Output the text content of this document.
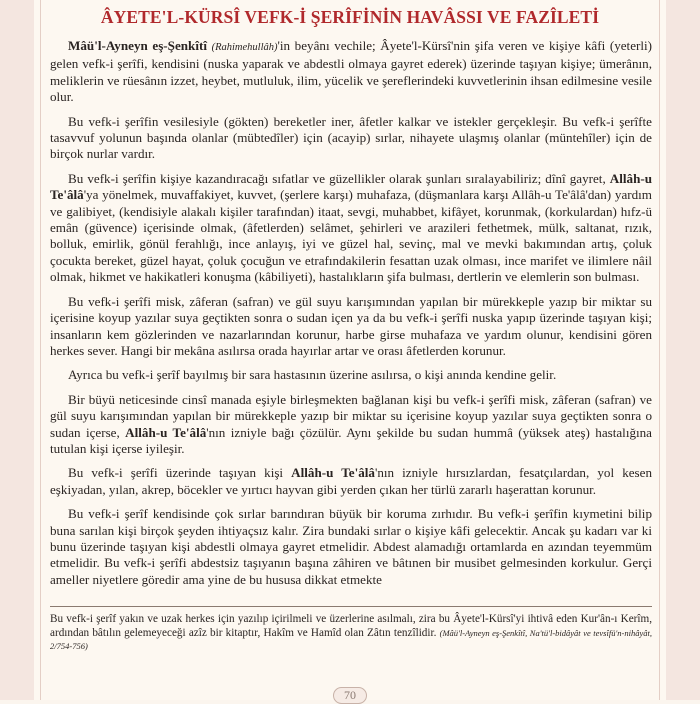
ÂYETE'L-KÜRSÎ VEFK-İ ŞERÎFİNİN HAVÂSSI VE FAZÎLETİ

Mâü'l-Ayneyn eş-Şenkîtî (Rahimehullâh)'in beyânı vechile; Âyete'l-Kürsî'nin şifa veren ve kişiye kâfi (yeterli) gelen vefk-i şerîfi, kendisini (nuska yaparak ve abdestli olmaya gayret ederek) üzerinde taşıyan kişiye; ümerânın, meliklerin ve rüesânın izzet, heybet, mutluluk, ilim, yücelik ve şereflerindeki kuvvetlerinin ihsan edilmesine vesile olur.

Bu vefk-i şerîfin vesilesiyle (gökten) bereketler iner, âfetler kalkar ve istekler gerçekleşir. Bu vefk-i şerîfte tasavvuf yolunun başında olanlar (mübtedîler) için (acayip) sırlar, nihayete ulaşmış olanlar (müntehîler) için de birçok nurlar vardır.

Bu vefk-i şerîfin kişiye kazandıracağı sıfatlar ve güzellikler olarak şunları sıralayabiliriz; dînî gayret, Allâh-u Te'âlâ'ya yönelmek, muvaffakiyet, kuvvet, (şerlere karşı) muhafaza, (düşmanlara karşı Allâh-u Te'âlâ'dan) yardım ve galibiyet, (kendisiyle alakalı kişiler tarafından) itaat, sevgi, muhabbet, kifâyet, korunmak, (korkulardan) hıfz-ü emân (güvence) içerisinde olmak, (âfetlerden) selâmet, şehirleri ve arazileri fethetmek, mülk, saltanat, rızık, bolluk, emirlik, gönül ferahlığı, ince anlayış, iyi ve güzel hal, sevinç, mal ve mevki bakımından artış, çoluk çocukta bereket, güzel hayat, çoluk çocuğun ve etrafındakilerin fesattan uzak olması, ince marifet ve ilimlere nâil olmak, hikmet ve hakikatleri konuşma (kâbiliyeti), hastalıkların şifa bulması, dertlerin ve elemlerin son bulması.

Bu vefk-i şerîfi misk, zâferan (safran) ve gül suyu karışımından yapılan bir mürekkeple yazıp bir miktar su içerisine koyup yazılar suya geçtikten sonra o sudan içen ya da bu vefk-i şerîfi nuska yapıp üzerinde taşıyan kişi; insanların kem gözlerinden ve nazarlarından korunur, harbe girse muhafaza ve yardım olunur, kendisini gören herkes sever. Hangi bir mekâna asılırsa orada hayırlar artar ve orası âfetlerden korunur.

Ayrıca bu vefk-i şerîf bayılmış bir sara hastasının üzerine asılırsa, o kişi anında kendine gelir.

Bir büyü neticesinde cinsî manada eşiyle birleşmekten bağlanan kişi bu vefk-i şerîfi misk, zâferan (safran) ve gül suyu karışımından yapılan bir mürekkeple yazıp bir miktar su içerisine koyup yazılar suya geçtikten sonra o sudan içerse, Allâh-u Te'âlâ'nın izniyle bağı çözülür. Aynı şekilde bu sudan hummâ (yüksek ateş) hastalığına tutulan kişi içerse iyileşir.

Bu vefk-i şerîfi üzerinde taşıyan kişi Allâh-u Te'âlâ'nın izniyle hırsızlardan, fesatçılardan, yol kesen eşkiyadan, yılan, akrep, böcekler ve yırtıcı hayvan gibi yerden çıkan her türlü zararlı haşerattan korunur.

Bu vefk-i şerîf kendisinde çok sırlar barındıran büyük bir koruma zırhıdır. Bu vefk-i şerîfin kıymetini bilip buna sarılan kişi birçok şeyden ihtiyaçsız kalır. Zira bundaki sırlar o kişiye kâfi gelecektir. Ancak şu kadarı var ki bunu üzerinde taşıyan kişi abdestli olmaya gayret etmelidir. Abdest alamadığı ortamlarda en azından teyemmüm etmelidir. Bu vefk-i şerîfi abdestsiz taşıyanın başına zâhiren ve bâtınen bir musibet gelmesinden korkulur. Gerçi ameller niyetlere göredir ama yine de bu hususa dikkat etmekte

Bu vefk-i şerîf yakın ve uzak herkes için yazılıp içirilmeli ve üzerlerine asılmalı, zira bu Âyete'l-Kürsî'yi ihtivâ eden Kur'ân-ı Kerîm, ardından bâtılın gelemeyeceği azîz bir kitaptır, Hakîm ve Hamîd olan Zâtın tenzîlidir. (Mâü'l-Ayneyn eş-Şenkîtî, Na'tü'l-bidâyât ve tevsîfü'n-nihâyât, 2/754-756)
70
